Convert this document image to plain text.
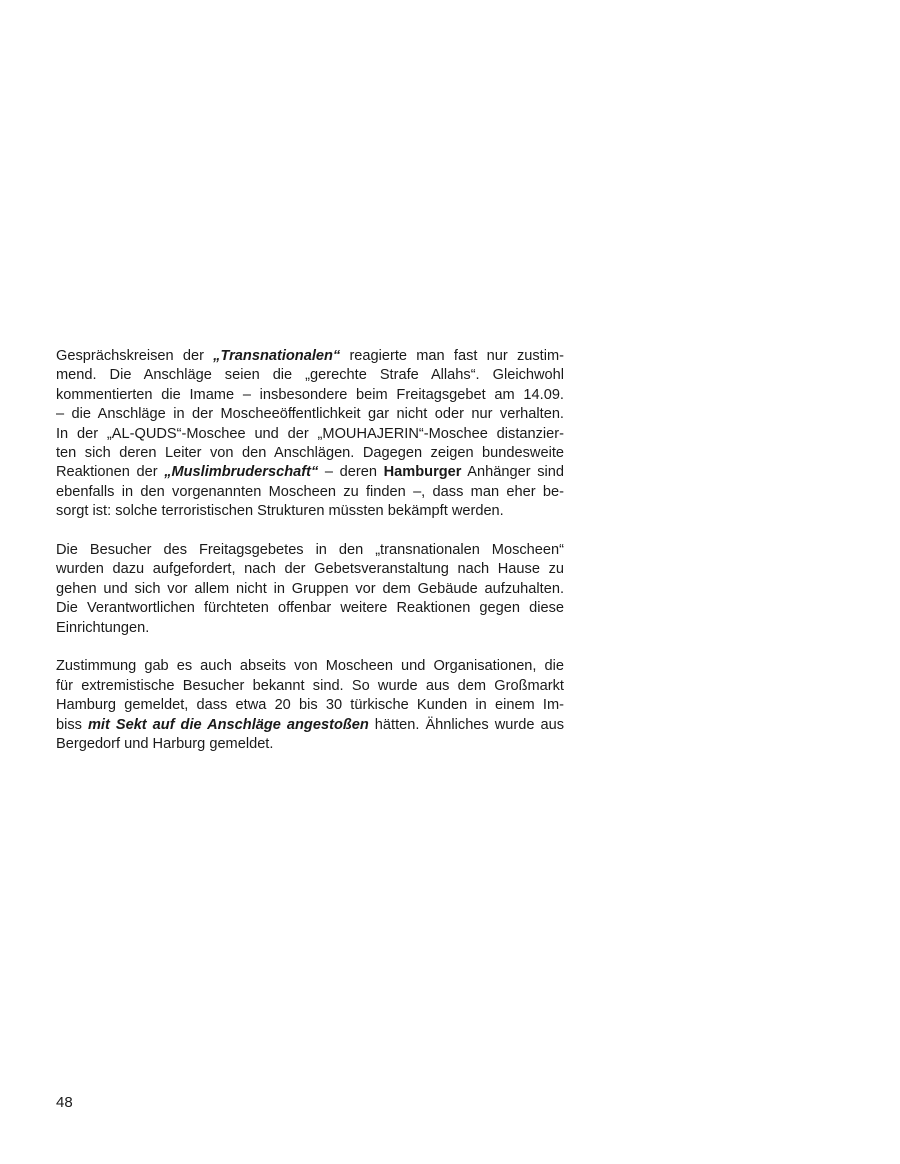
Gesprächskreisen der „Transnationalen“ reagierte man fast nur zustim-
mend. Die Anschläge seien die „gerechte Strafe Allahs“. Gleichwohl
kommentierten die Imame – insbesondere beim Freitagsgebet am 14.09.
– die Anschläge in der Moscheeöffentlichkeit gar nicht oder nur verhalten.
In der „AL-QUDS“-Moschee und der „MOUHAJERIN“-Moschee distanzier-
ten sich deren Leiter von den Anschlägen. Dagegen zeigen bundesweite
Reaktionen der „Muslimbruderschaft“ – deren Hamburger Anhänger sind
ebenfalls in den vorgenannten Moscheen zu finden –, dass man eher be-
sorgt ist: solche terroristischen Strukturen müssten bekämpft werden.

Die Besucher des Freitagsgebetes in den „transnationalen Moscheen“
wurden dazu aufgefordert, nach der Gebetsveranstaltung nach Hause zu
gehen und sich vor allem nicht in Gruppen vor dem Gebäude aufzuhalten.
Die Verantwortlichen fürchteten offenbar weitere Reaktionen gegen diese
Einrichtungen.

Zustimmung gab es auch abseits von Moscheen und Organisationen, die
für extremistische Besucher bekannt sind. So wurde aus dem Großmarkt
Hamburg gemeldet, dass etwa 20 bis 30 türkische Kunden in einem Im-
biss mit Sekt auf die Anschläge angestoßen hätten. Ähnliches wurde aus
Bergedorf und Harburg gemeldet.

48
